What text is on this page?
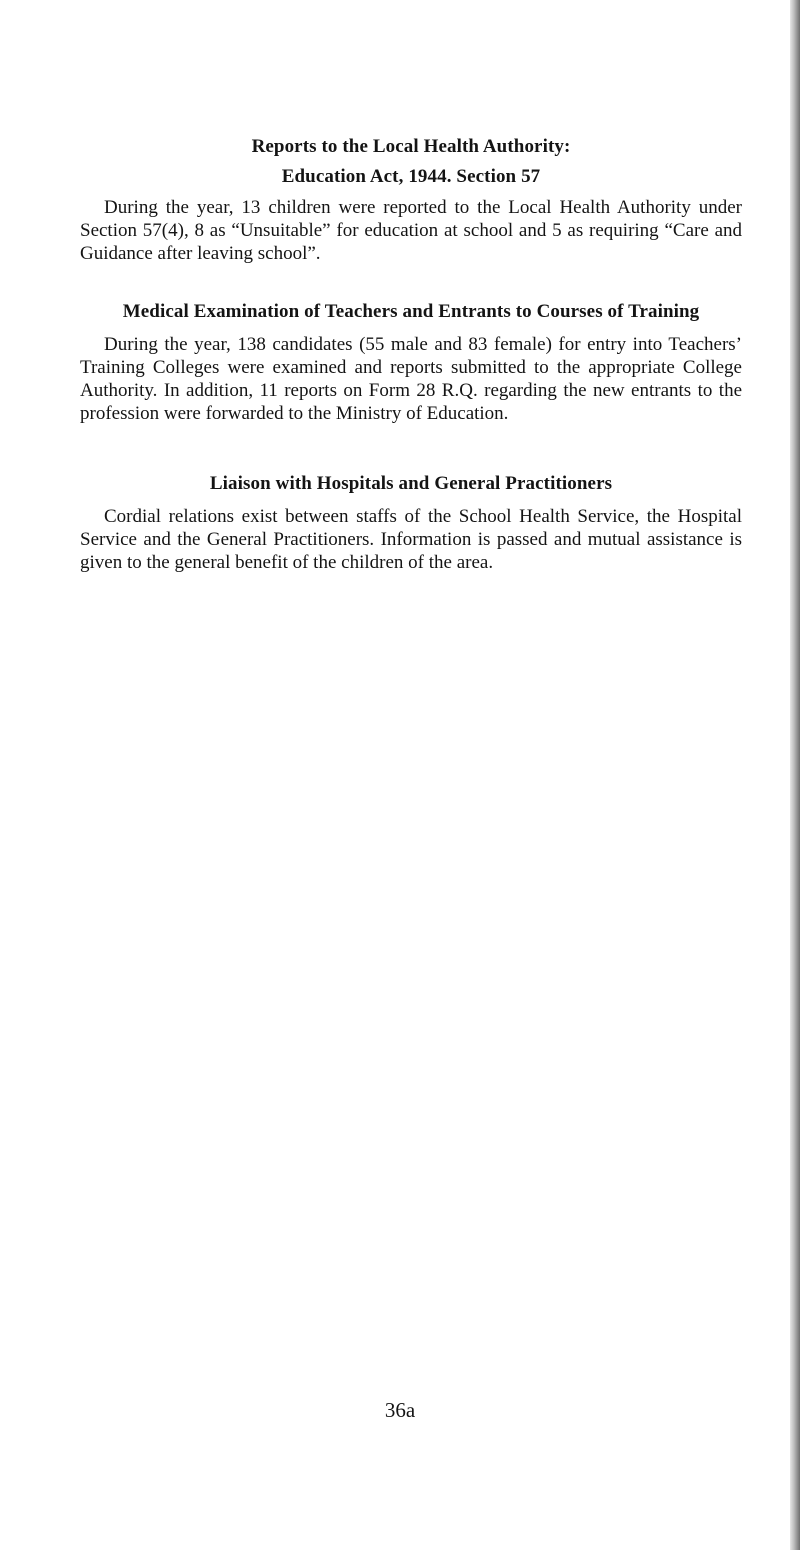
Reports to the Local Health Authority:

Education Act, 1944. Section 57

During the year, 13 children were reported to the Local Health Authority under Section 57(4), 8 as “Unsuitable” for education at school and 5 as requiring “Care and Guidance after leaving school”.

Medical Examination of Teachers and Entrants to Courses of Training

During the year, 138 candidates (55 male and 83 female) for entry into Teachers’ Training Colleges were examined and reports submitted to the appropriate College Authority. In addition, 11 reports on Form 28 R.Q. regarding the new entrants to the profession were forwarded to the Ministry of Education.

Liaison with Hospitals and General Practitioners

Cordial relations exist between staffs of the School Health Service, the Hospital Service and the General Practitioners. Information is passed and mutual assistance is given to the general benefit of the children of the area.

36a
